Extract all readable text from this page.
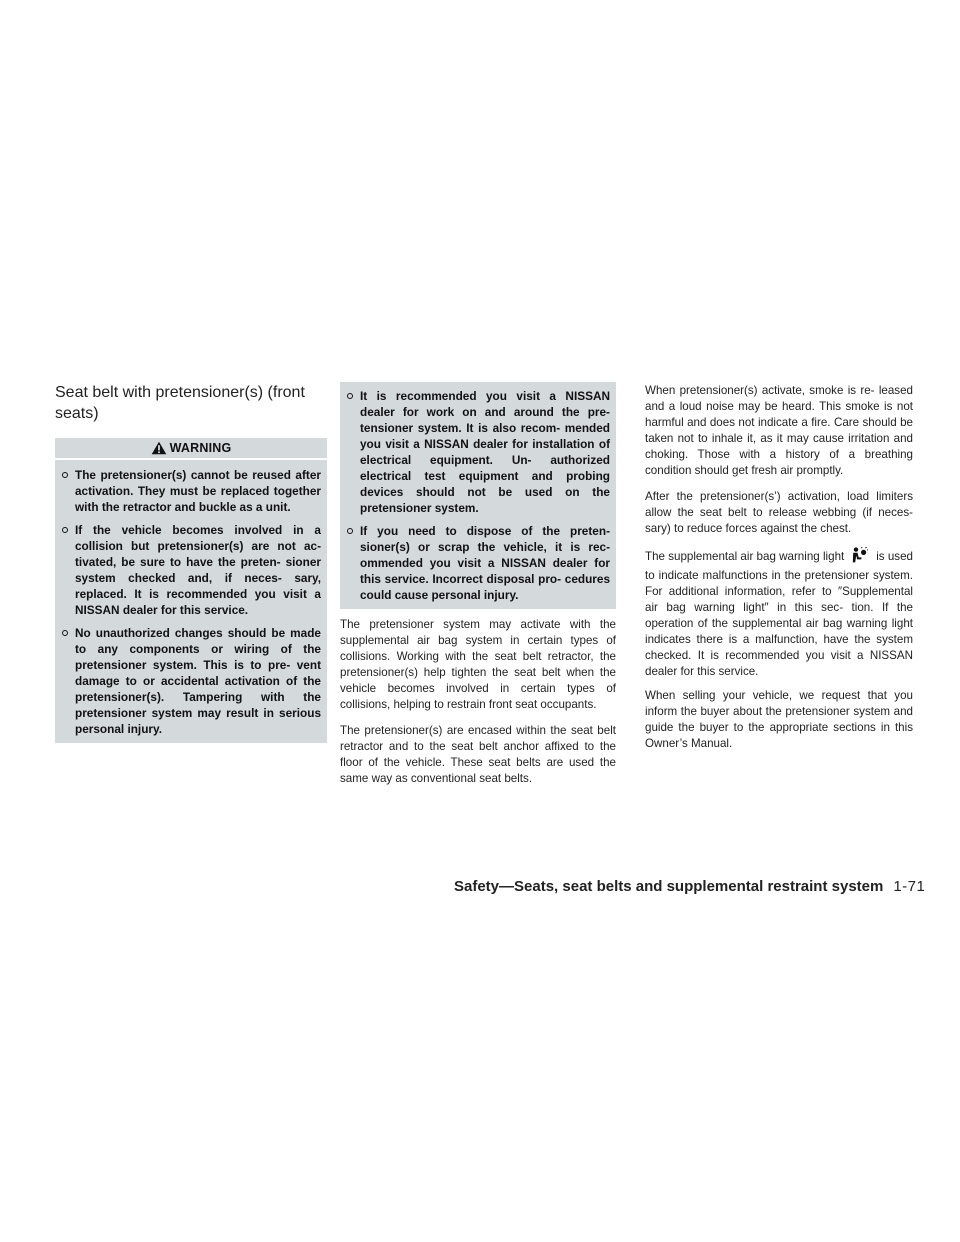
Seat belt with pretensioner(s) (front seats)
WARNING
The pretensioner(s) cannot be reused after activation. They must be replaced together with the retractor and buckle as a unit.
If the vehicle becomes involved in a collision but pretensioner(s) are not ac- tivated, be sure to have the preten- sioner system checked and, if neces- sary, replaced. It is recommended you visit a NISSAN dealer for this service.
No unauthorized changes should be made to any components or wiring of the pretensioner system. This is to pre- vent damage to or accidental activation of the pretensioner(s). Tampering with the pretensioner system may result in serious personal injury.
It is recommended you visit a NISSAN dealer for work on and around the pre- tensioner system. It is also recom- mended you visit a NISSAN dealer for installation of electrical equipment. Un- authorized electrical test equipment and probing devices should not be used on the pretensioner system.
If you need to dispose of the preten- sioner(s) or scrap the vehicle, it is rec- ommended you visit a NISSAN dealer for this service. Incorrect disposal pro- cedures could cause personal injury.

The pretensioner system may activate with the supplemental air bag system in certain types of collisions. Working with the seat belt retractor, the pretensioner(s) help tighten the seat belt when the vehicle becomes involved in certain types of collisions, helping to restrain front seat occupants.

The pretensioner(s) are encased within the seat belt retractor and to the seat belt anchor affixed to the floor of the vehicle. These seat belts are used the same way as conventional seat belts.

When pretensioner(s) activate, smoke is re- leased and a loud noise may be heard. This smoke is not harmful and does not indicate a fire. Care should be taken not to inhale it, as it may cause irritation and choking. Those with a history of a breathing condition should get fresh air promptly.

After the pretensioner(s’) activation, load limiters allow the seat belt to release webbing (if neces- sary) to reduce forces against the chest.

The supplemental air bag warning light	is used to indicate malfunctions in the pretensioner system. For additional information, refer to ″Supplemental air bag warning light″ in this sec- tion. If the operation of the supplemental air bag warning light indicates there is a malfunction, have the system checked. It is recommended you visit a NISSAN dealer for this service.

When selling your vehicle, we request that you inform the buyer about the pretensioner system and guide the buyer to the appropriate sections in this Owner’s Manual.

Safety—Seats, seat belts and supplemental restraint system 1-71
